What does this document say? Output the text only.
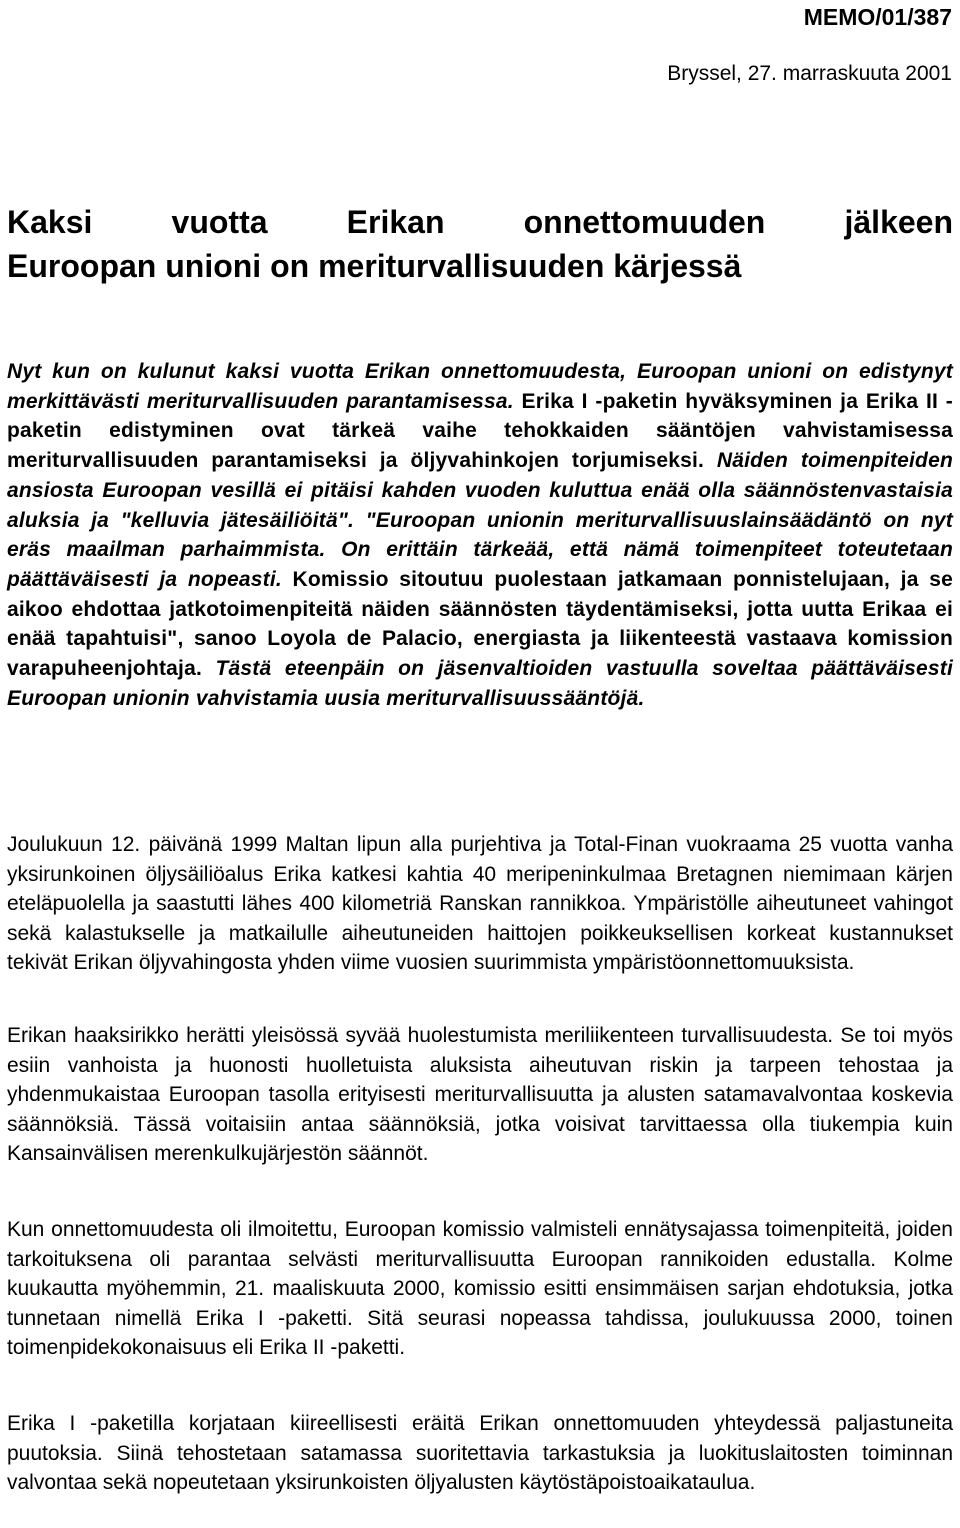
MEMO/01/387
Bryssel, 27. marraskuuta 2001
Kaksi vuotta Erikan onnettomuuden jälkeen
Euroopan unioni on meriturvallisuuden kärjessä

Nyt kun on kulunut kaksi vuotta Erikan onnettomuudesta, Euroopan unioni on edistynyt merkittävästi meriturvallisuuden parantamisessa. Erika I -paketin hyväksyminen ja Erika II -paketin edistyminen ovat tärkeä vaihe tehokkaiden sääntöjen vahvistamisessa meriturvallisuuden parantamiseksi ja öljyvahinkojen torjumiseksi. Näiden toimenpiteiden ansiosta Euroopan vesillä ei pitäisi kahden vuoden kuluttua enää olla säännöstenvastaisia aluksia ja "kelluvia jätesäiliöitä". "Euroopan unionin meriturvallisuuslainsäädäntö on nyt eräs maailman parhaimmista. On erittäin tärkeää, että nämä toimenpiteet toteutetaan päättäväisesti ja nopeasti. Komissio sitoutuu puolestaan jatkamaan ponnistelujaan, ja se aikoo ehdottaa jatkotoimenpiteitä näiden säännösten täydentämiseksi, jotta uutta Erikaa ei enää tapahtuisi", sanoo Loyola de Palacio, energiasta ja liikenteestä vastaava komission varapuheenjohtaja. Tästä eteenpäin on jäsenvaltioiden vastuulla soveltaa päättäväisesti Euroopan unionin vahvistamia uusia meriturvallisuussääntöjä.

Joulukuun 12. päivänä 1999 Maltan lipun alla purjehtiva ja Total-Finan vuokraama 25 vuotta vanha yksirunkoinen öljysäiliöalus Erika katkesi kahtia 40 meripeninkulmaa Bretagnen niemimaan kärjen eteläpuolella ja saastutti lähes 400 kilometriä Ranskan rannikkoa. Ympäristölle aiheutuneet vahingot sekä kalastukselle ja matkailulle aiheutuneiden haittojen poikkeuksellisen korkeat kustannukset tekivät Erikan öljyvahingosta yhden viime vuosien suurimmista ympäristöonnettomuuksista.

Erikan haaksirikko herätti yleisössä syvää huolestumista meriliikenteen turvallisuudesta. Se toi myös esiin vanhoista ja huonosti huolletuista aluksista aiheutuvan riskin ja tarpeen tehostaa ja yhdenmukaistaa Euroopan tasolla erityisesti meriturvallisuutta ja alusten satamavalvontaa koskevia säännöksiä. Tässä voitaisiin antaa säännöksiä, jotka voisivat tarvittaessa olla tiukempia kuin Kansainvälisen merenkulkujärjestön säännöt.

Kun onnettomuudesta oli ilmoitettu, Euroopan komissio valmisteli ennätysajassa toimenpiteitä, joiden tarkoituksena oli parantaa selvästi meriturvallisuutta Euroopan rannikoiden edustalla. Kolme kuukautta myöhemmin, 21. maaliskuuta 2000, komissio esitti ensimmäisen sarjan ehdotuksia, jotka tunnetaan nimellä Erika I -paketti. Sitä seurasi nopeassa tahdissa, joulukuussa 2000, toinen toimenpidekokonaisuus eli Erika II -paketti.

Erika I -paketilla korjataan kiireellisesti eräitä Erikan onnettomuuden yhteydessä paljastuneita puutoksia. Siinä tehostetaan satamassa suoritettavia tarkastuksia ja luokituslaitosten toiminnan valvontaa sekä nopeutetaan yksirunkoisten öljyalusten käytöstäpoistoaikataulua.
